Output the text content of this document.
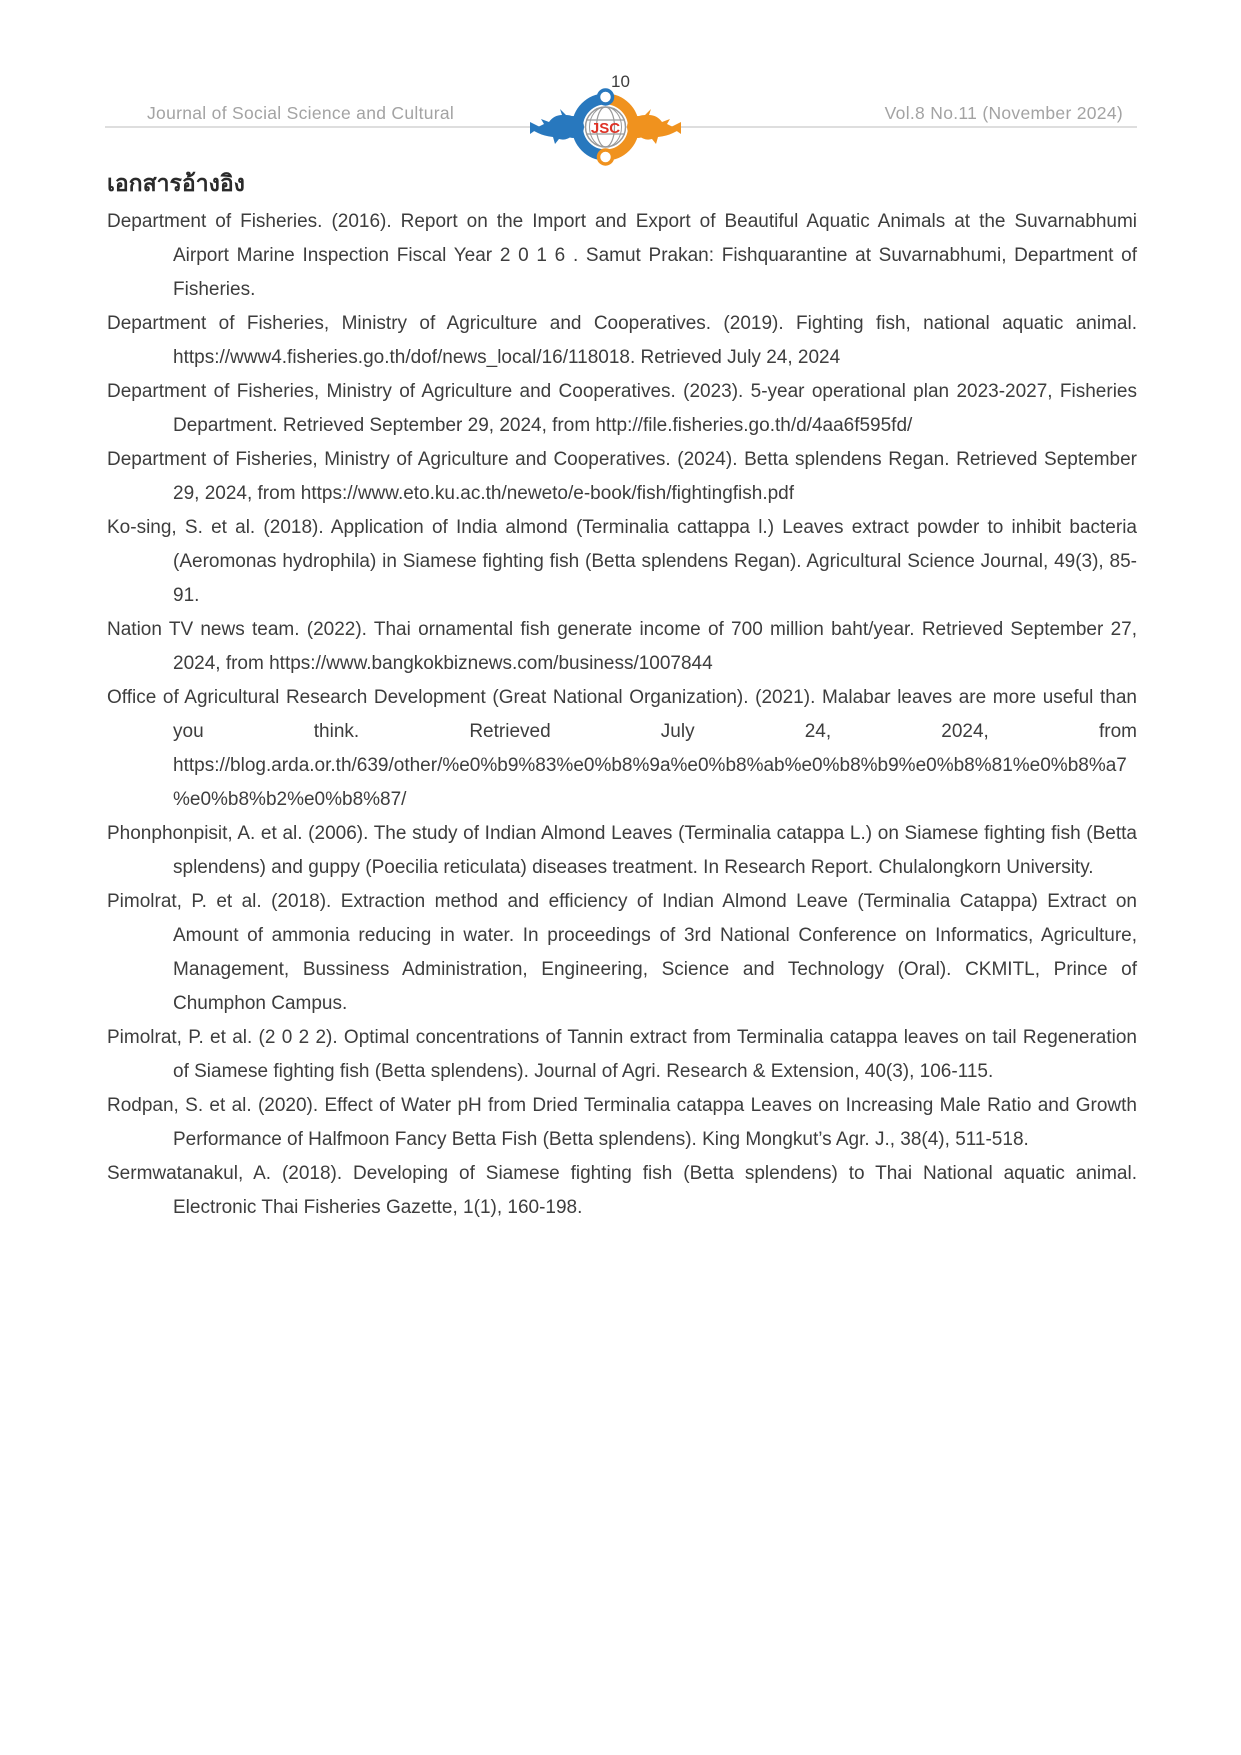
10
Journal of Social Science and Cultural	Vol.8 No.11 (November 2024)
JSC
เอกสารอ้างอิง

Department of Fisheries. (2016). Report on the Import and Export of Beautiful Aquatic Animals at the Suvarnabhumi Airport Marine Inspection Fiscal Year 2 0 1 6 . Samut Prakan: Fishquarantine at Suvarnabhumi, Department of Fisheries.

Department of Fisheries, Ministry of Agriculture and Cooperatives. (2019). Fighting fish, national aquatic animal. https://www4.fisheries.go.th/dof/news_local/16/118018. Retrieved July 24, 2024

Department of Fisheries, Ministry of Agriculture and Cooperatives. (2023). 5-year operational plan 2023-2027, Fisheries Department. Retrieved September 29, 2024, from http://file.fisheries.go.th/d/4aa6f595fd/

Department of Fisheries, Ministry of Agriculture and Cooperatives. (2024). Betta splendens Regan. Retrieved September 29, 2024, from https://www.eto.ku.ac.th/neweto/e-book/fish/fightingfish.pdf

Ko-sing, S. et al. (2018). Application of India almond (Terminalia cattappa l.) Leaves extract powder to inhibit bacteria (Aeromonas hydrophila) in Siamese fighting fish (Betta splendens Regan). Agricultural Science Journal, 49(3), 85-91.

Nation TV news team. (2022). Thai ornamental fish generate income of 700 million baht/year. Retrieved September 27, 2024, from https://www.bangkokbiznews.com/business/1007844

Office of Agricultural Research Development (Great National Organization). (2021). Malabar leaves are more useful than you think. Retrieved July 24, 2024, from https://blog.arda.or.th/639/other/%e0%b9%83%e0%b8%9a%e0%b8%ab%e0%b8%b9%e0%b8%81%e0%b8%a7%e0%b8%b2%e0%b8%87/

Phonphonpisit, A. et al. (2006). The study of Indian Almond Leaves (Terminalia catappa L.) on Siamese fighting fish (Betta splendens) and guppy (Poecilia reticulata) diseases treatment. In Research Report. Chulalongkorn University.

Pimolrat, P. et al. (2018). Extraction method and efficiency of Indian Almond Leave (Terminalia Catappa) Extract on Amount of ammonia reducing in water. In proceedings of 3rd National Conference on Informatics, Agriculture, Management, Bussiness Administration, Engineering, Science and Technology (Oral). CKMITL, Prince of Chumphon Campus.

Pimolrat, P. et al. (2 0 2 2). Optimal concentrations of Tannin extract from Terminalia catappa leaves on tail Regeneration of Siamese fighting fish (Betta splendens). Journal of Agri. Research & Extension, 40(3), 106-115.

Rodpan, S. et al. (2020). Effect of Water pH from Dried Terminalia catappa Leaves on Increasing Male Ratio and Growth Performance of Halfmoon Fancy Betta Fish (Betta splendens). King Mongkut’s Agr. J., 38(4), 511-518.

Sermwatanakul, A. (2018). Developing of Siamese fighting fish (Betta splendens) to Thai National aquatic animal. Electronic Thai Fisheries Gazette, 1(1), 160-198.
